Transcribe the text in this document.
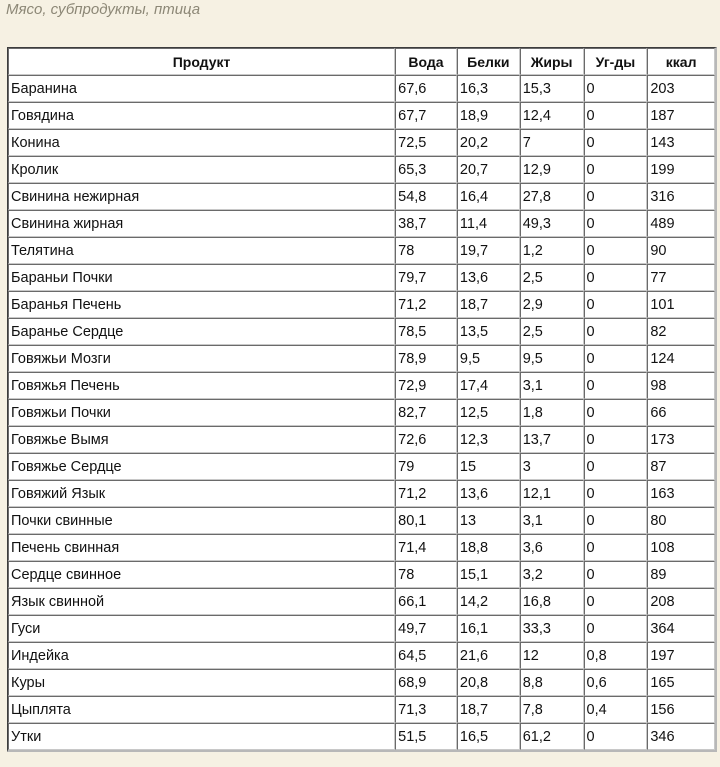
Мясо, субпродукты, птица
Продукт	Вода	Белки	Жиры	Уг-ды	ккал
Баранина	67,6	16,3	15,3	0	203
Говядина	67,7	18,9	12,4	0	187
Конина	72,5	20,2	7	0	143
Кролик	65,3	20,7	12,9	0	199
Свинина нежирная	54,8	16,4	27,8	0	316
Свинина жирная	38,7	11,4	49,3	0	489
Телятина	78	19,7	1,2	0	90
Бараньи Почки	79,7	13,6	2,5	0	77
Баранья Печень	71,2	18,7	2,9	0	101
Баранье Сердце	78,5	13,5	2,5	0	82
Говяжьи Мозги	78,9	9,5	9,5	0	124
Говяжья Печень	72,9	17,4	3,1	0	98
Говяжьи Почки	82,7	12,5	1,8	0	66
Говяжье Вымя	72,6	12,3	13,7	0	173
Говяжье Сердце	79	15	3	0	87
Говяжий Язык	71,2	13,6	12,1	0	163
Почки свинные	80,1	13	3,1	0	80
Печень свинная	71,4	18,8	3,6	0	108
Сердце свинное	78	15,1	3,2	0	89
Язык свинной	66,1	14,2	16,8	0	208
Гуси	49,7	16,1	33,3	0	364
Индейка	64,5	21,6	12	0,8	197
Куры	68,9	20,8	8,8	0,6	165
Цыплята	71,3	18,7	7,8	0,4	156
Утки	51,5	16,5	61,2	0	346
